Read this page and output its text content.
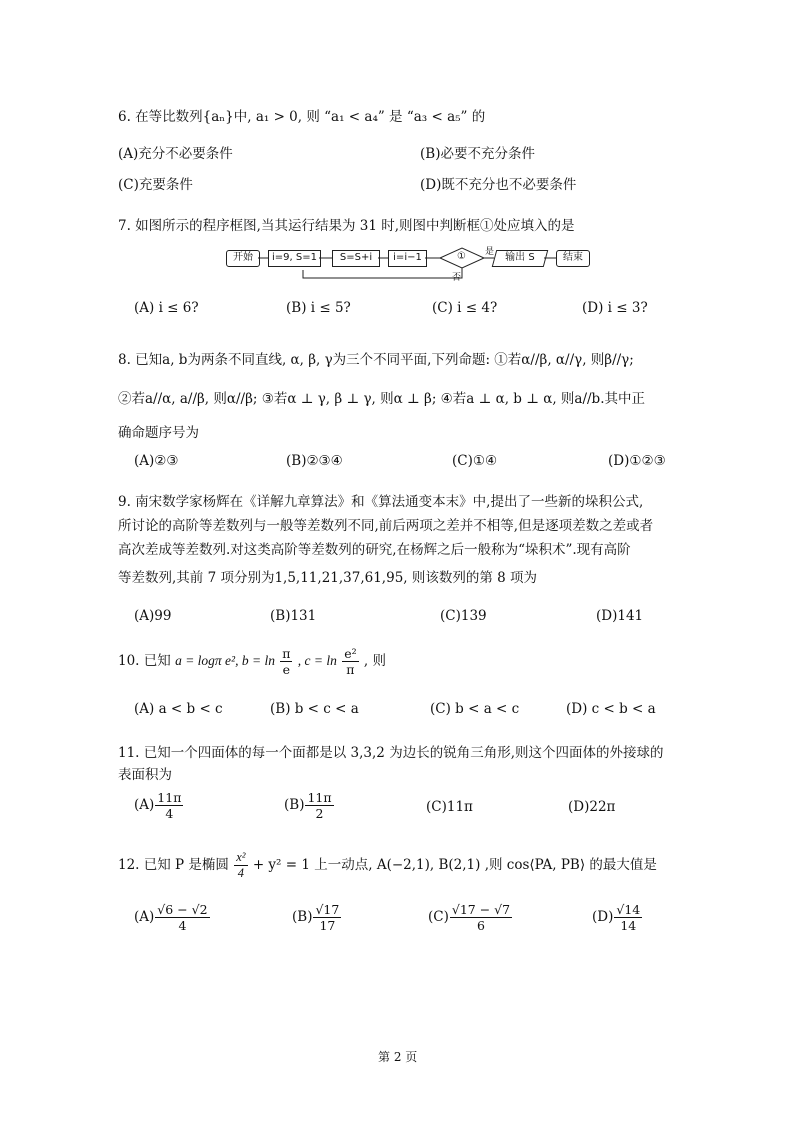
6. 在等比数列{aₙ}中, a₁ > 0, 则 “a₁ < a₄” 是 “a₃ < a₅” 的
(A)充分不必要条件	(B)必要不充分条件
(C)充要条件	(D)既不充分也不必要条件
7. 如图所示的程序框图,当其运行结果为 31 时,则图中判断框①处应填入的是
开始	i=9, S=1	S=S+i	i=i−1	① 是
否
输出 S	结束
(A) i ≤ 6?	(B) i ≤ 5?	(C) i ≤ 4?	(D) i ≤ 3?
8. 已知a, b为两条不同直线, α, β, γ为三个不同平面,下列命题: ①若α//β, α//γ, 则β//γ;
②若a//α, a//β, 则α//β; ③若α ⊥ γ, β ⊥ γ, 则α ⊥ β; ④若a ⊥ α, b ⊥ α, 则a//b.其中正
确命题序号为
(A)②③	(B)②③④	(C)①④	(D)①②③
9. 南宋数学家杨辉在《详解九章算法》和《算法通变本末》中,提出了一些新的垛积公式,
所讨论的高阶等差数列与一般等差数列不同,前后两项之差并不相等,但是逐项差数之差或者
高次差成等差数列.对这类高阶等差数列的研究,在杨辉之后一般称为“垛积术”.现有高阶
等差数列,其前 7 项分别为1,5,11,21,37,61,95, 则该数列的第 8 项为
(A)99	(B)131	(C)139	(D)141
10. 已知 a = logπ e², $b = \ln \frac{\pi}{e}$ , $c = \ln \frac{\text{e²}}{\pi}$ , 则
(A) a < b < c	(B) b < c < a	(C) b < a < c	(D) c < b < a
11. 已知一个四面体的每一个面都是以 3,3,2 为边长的锐角三角形,则这个四面体的外接球的
表面积为
$(A) \frac{11\pi}{4}$	$(B) \frac{11\pi}{2}$	(C)11π	(D)22π
12. 已知 P 是椭圆 $\frac{\text{x²}}{4} + y^2 = 1$ 上一动点, A(−2,1), B(2,1) ,则 cos⟨PA, PB⟩ 的最大值是
$(A) \frac{√6 - √2}{4}$	$(B) \frac{√17}{17}$	$(C) \frac{√17 - √7}{6}$	$(D) \frac{√14}{14}$
第 2 页
